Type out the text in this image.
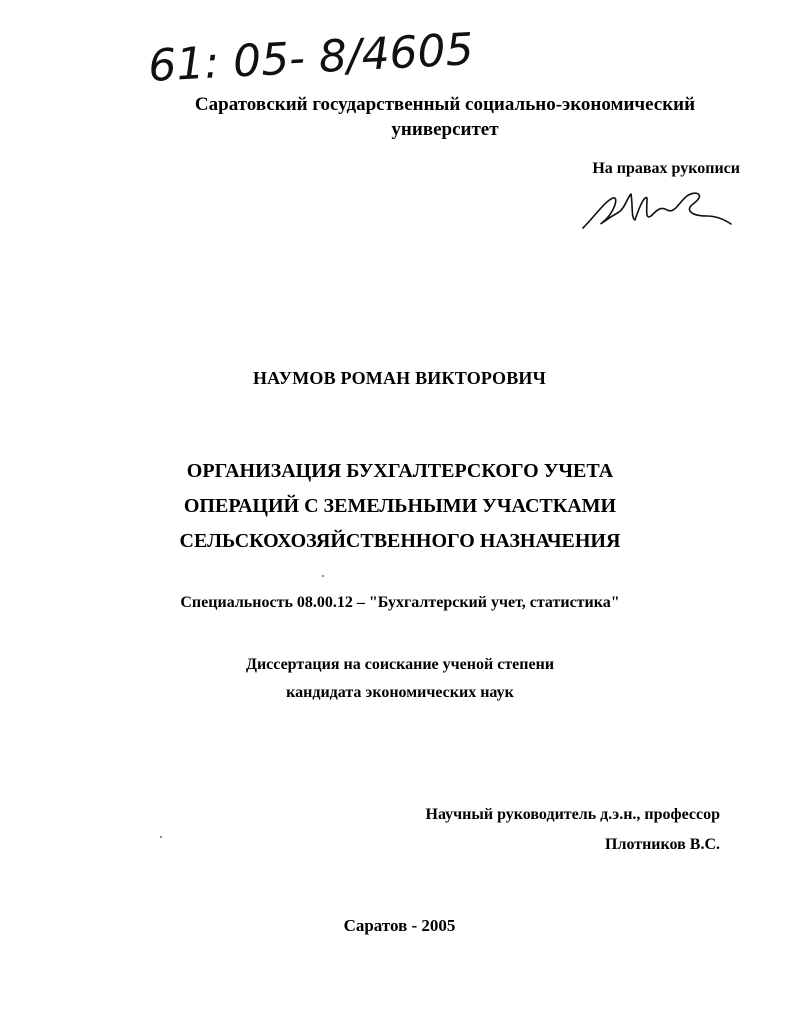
61: 05- 8/4605
Саратовский государственный социально-экономический
университет
На правах рукописи
НАУМОВ РОМАН ВИКТОРОВИЧ
ОРГАНИЗАЦИЯ БУХГАЛТЕРСКОГО УЧЕТА
ОПЕРАЦИЙ С ЗЕМЕЛЬНЫМИ УЧАСТКАМИ
СЕЛЬСКОХОЗЯЙСТВЕННОГО НАЗНАЧЕНИЯ
Специальность 08.00.12 – "Бухгалтерский учет, статистика"
Диссертация на соискание ученой степени
кандидата экономических наук
Научный руководитель д.э.н., профессор
Плотников В.С.
Саратов - 2005
